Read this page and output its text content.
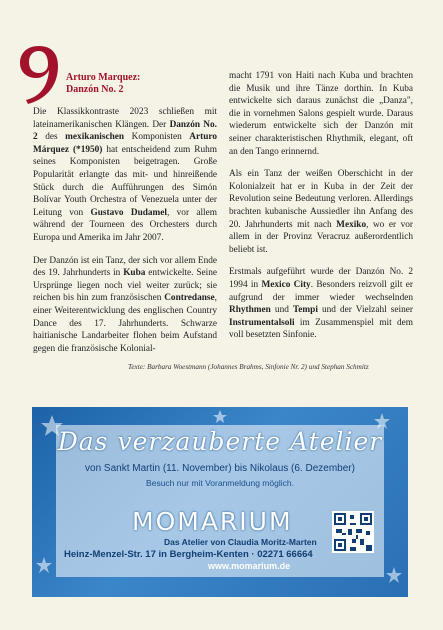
Arturo Marquez:
Danzón No. 2

Die Klassikkontraste 2023 schließen mit lateinamerikanischen Klängen. Der Danzón No. 2 des mexikanischen Komponisten Arturo Márquez (*1950) hat entscheidend zum Ruhm seines Komponisten beigetragen. Große Popularität erlangte das mit- und hinreißende Stück durch die Aufführungen des Simón Bolívar Youth Orchestra of Venezuela unter der Leitung von Gustavo Dudamel, vor allem während der Tourneen des Orchesters durch Europa und Amerika im Jahr 2007.

Der Danzón ist ein Tanz, der sich vor allem Ende des 19. Jahrhunderts in Kuba entwickelte. Seine Ursprünge liegen noch viel weiter zurück; sie reichen bis hin zum französischen Contredanse, einer Weiterentwicklung des englischen Country Dance des 17. Jahrhunderts. Schwarze haitianische Landarbeiter flohen beim Aufstand gegen die französische Kolonial-

macht 1791 von Haiti nach Kuba und brachten die Musik und ihre Tänze dorthin. In Kuba entwickelte sich daraus zunächst die „Danza", die in vornehmen Salons gespielt wurde. Daraus wiederum entwickelte sich der Danzón mit seiner charakteristischen Rhythmik, elegant, oft an den Tango erinnernd.

Als ein Tanz der weißen Oberschicht in der Kolonialzeit hat er in Kuba in der Zeit der Revolution seine Bedeutung verloren. Allerdings brachten kubanische Aussiedler ihn Anfang des 20. Jahrhunderts mit nach Mexiko, wo er vor allem in der Provinz Veracruz außerordentlich beliebt ist.

Erstmals aufgeführt wurde der Danzón No. 2 1994 in Mexico City. Besonders reizvoll gilt er aufgrund der immer wieder wechselnden Rhythmen und Tempi und der Vielzahl seiner Instrumentalsoli im Zusammenspiel mit dem voll besetzten Sinfonie.

Texte: Barbara Woestmann (Johannes Brahms, Sinfonie Nr. 2) und Stephan Schmitz
Das verzauberte Atelier
von Sankt Martin (11. November) bis Nikolaus (6. Dezember)
Besuch nur mit Voranmeldung möglich.
MOMARIUM
Das Atelier von Claudia Moritz-Marten
Heinz-Menzel-Str. 17 in Bergheim-Kenten · 02271 66664
www.momarium.de
